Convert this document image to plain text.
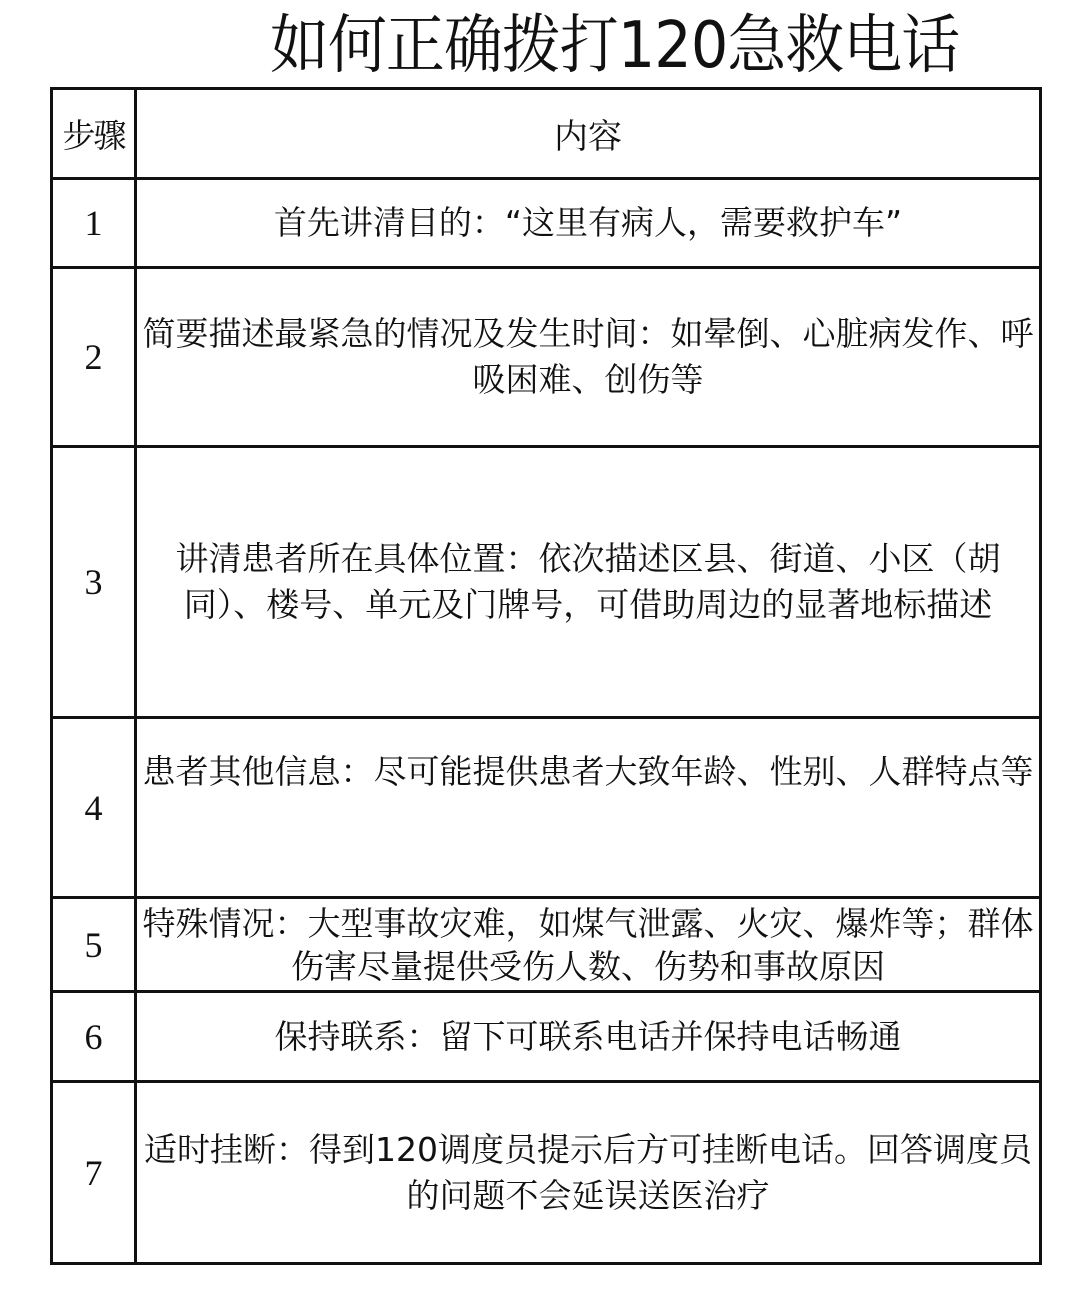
如何正确拨打120急救电话
步骤	内容
1	首先讲清目的：“这里有病人，需要救护车”
2	简要描述最紧急的情况及发生时间：如晕倒、心脏病发作、呼吸困难、创伤等
3	讲清患者所在具体位置：依次描述区县、街道、小区（胡同）、楼号、单元及门牌号，可借助周边的显著地标描述
4	患者其他信息：尽可能提供患者大致年龄、性别、人群特点等
5	特殊情况：大型事故灾难，如煤气泄露、火灾、爆炸等；群体伤害尽量提供受伤人数、伤势和事故原因
6	保持联系：留下可联系电话并保持电话畅通
7	适时挂断：得到120调度员提示后方可挂断电话。回答调度员的问题不会延误送医治疗
